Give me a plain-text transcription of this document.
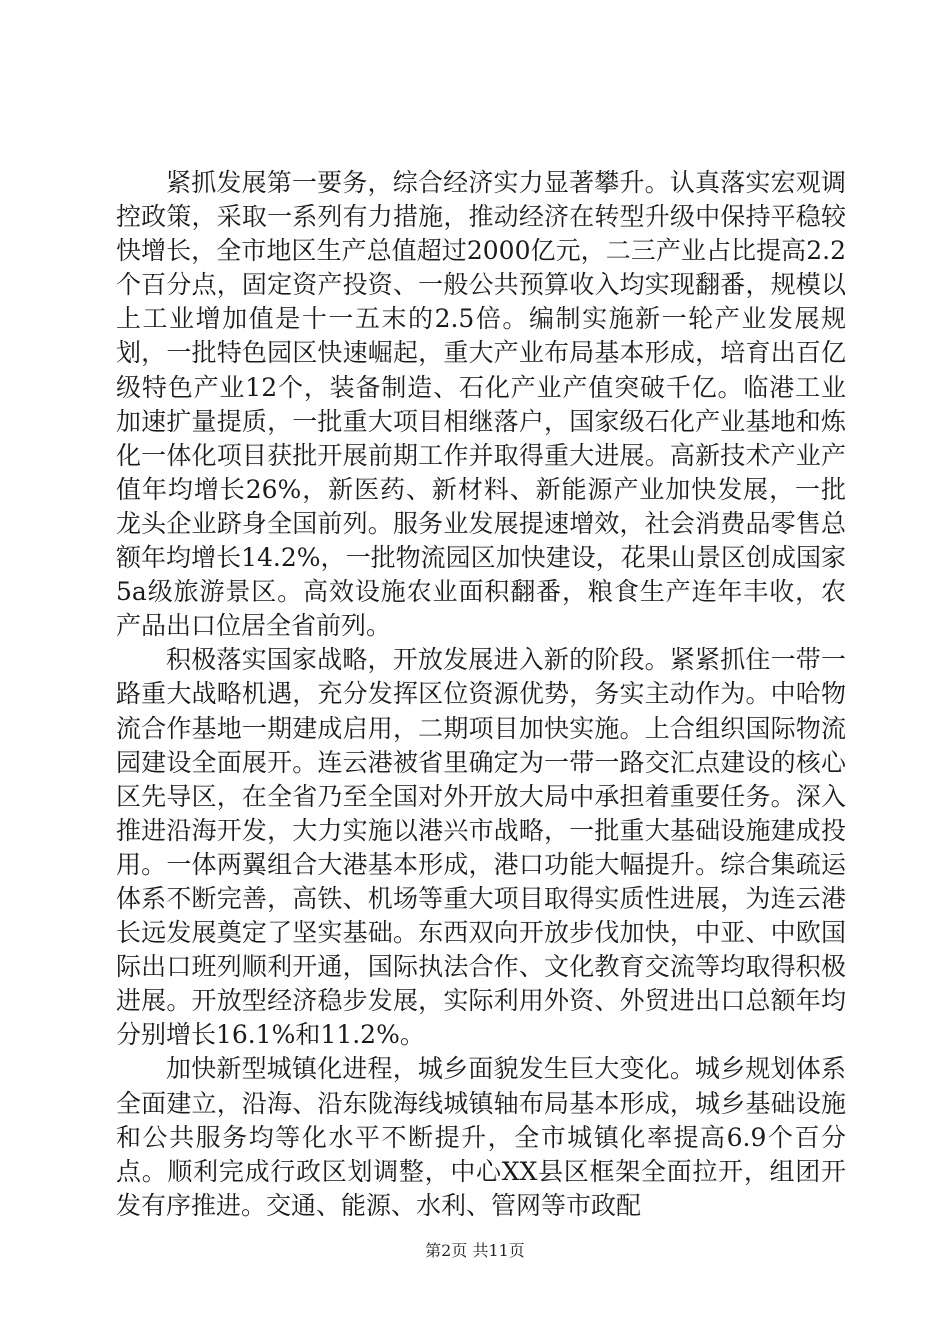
紧抓发展第一要务，综合经济实力显著攀升。认真落实宏观调控政策，采取一系列有力措施，推动经济在转型升级中保持平稳较快增长，全市地区生产总值超过2000亿元，二三产业占比提高2.2个百分点，固定资产投资、一般公共预算收入均实现翻番，规模以上工业增加值是十一五末的2.5倍。编制实施新一轮产业发展规划，一批特色园区快速崛起，重大产业布局基本形成，培育出百亿级特色产业12个，装备制造、石化产业产值突破千亿。临港工业加速扩量提质，一批重大项目相继落户，国家级石化产业基地和炼化一体化项目获批开展前期工作并取得重大进展。高新技术产业产值年均增长26%，新医药、新材料、新能源产业加快发展，一批龙头企业跻身全国前列。服务业发展提速增效，社会消费品零售总额年均增长14.2%，一批物流园区加快建设，花果山景区创成国家5a级旅游景区。高效设施农业面积翻番，粮食生产连年丰收，农产品出口位居全省前列。

积极落实国家战略，开放发展进入新的阶段。紧紧抓住一带一路重大战略机遇，充分发挥区位资源优势，务实主动作为。中哈物流合作基地一期建成启用，二期项目加快实施。上合组织国际物流园建设全面展开。连云港被省里确定为一带一路交汇点建设的核心区先导区，在全省乃至全国对外开放大局中承担着重要任务。深入推进沿海开发，大力实施以港兴市战略，一批重大基础设施建成投用。一体两翼组合大港基本形成，港口功能大幅提升。综合集疏运体系不断完善，高铁、机场等重大项目取得实质性进展，为连云港长远发展奠定了坚实基础。东西双向开放步伐加快，中亚、中欧国际出口班列顺利开通，国际执法合作、文化教育交流等均取得积极进展。开放型经济稳步发展，实际利用外资、外贸进出口总额年均分别增长16.1%和11.2%。

加快新型城镇化进程，城乡面貌发生巨大变化。城乡规划体系全面建立，沿海、沿东陇海线城镇轴布局基本形成，城乡基础设施和公共服务均等化水平不断提升，全市城镇化率提高6.9个百分点。顺利完成行政区划调整，中心XX县区框架全面拉开，组团开发有序推进。交通、能源、水利、管网等市政配

第2页 共11页
